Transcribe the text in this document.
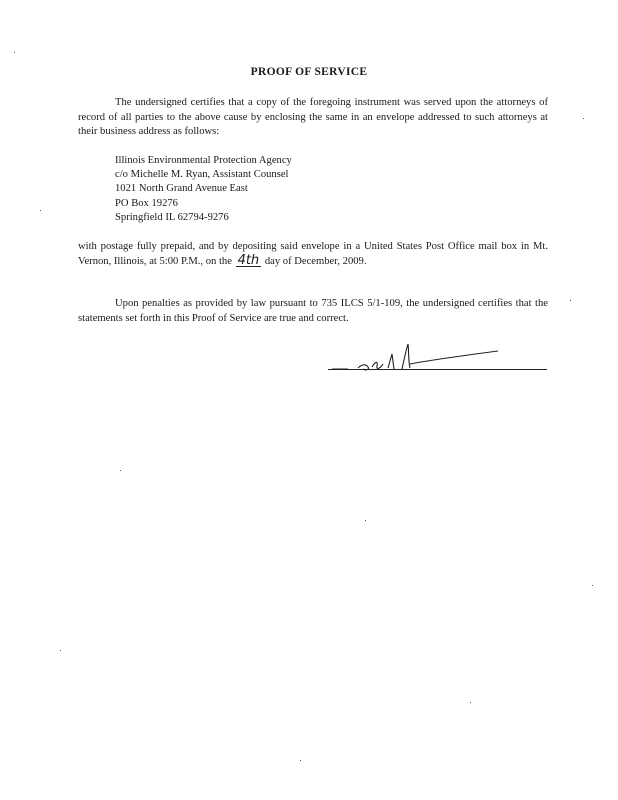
PROOF OF SERVICE
The undersigned certifies that a copy of the foregoing instrument was served upon the attorneys of record of all parties to the above cause by enclosing the same in an envelope addressed to such attorneys at their business address as follows:
Illinois Environmental Protection Agency
c/o Michelle M. Ryan, Assistant Counsel
1021 North Grand Avenue East
PO Box 19276
Springfield IL 62794-9276
with postage fully prepaid, and by depositing said envelope in a United States Post Office mail box in Mt. Vernon, Illinois, at 5:00 P.M., on the 4th day of December, 2009.
Upon penalties as provided by law pursuant to 735 ILCS 5/1-109, the undersigned certifies that the statements set forth in this Proof of Service are true and correct.
